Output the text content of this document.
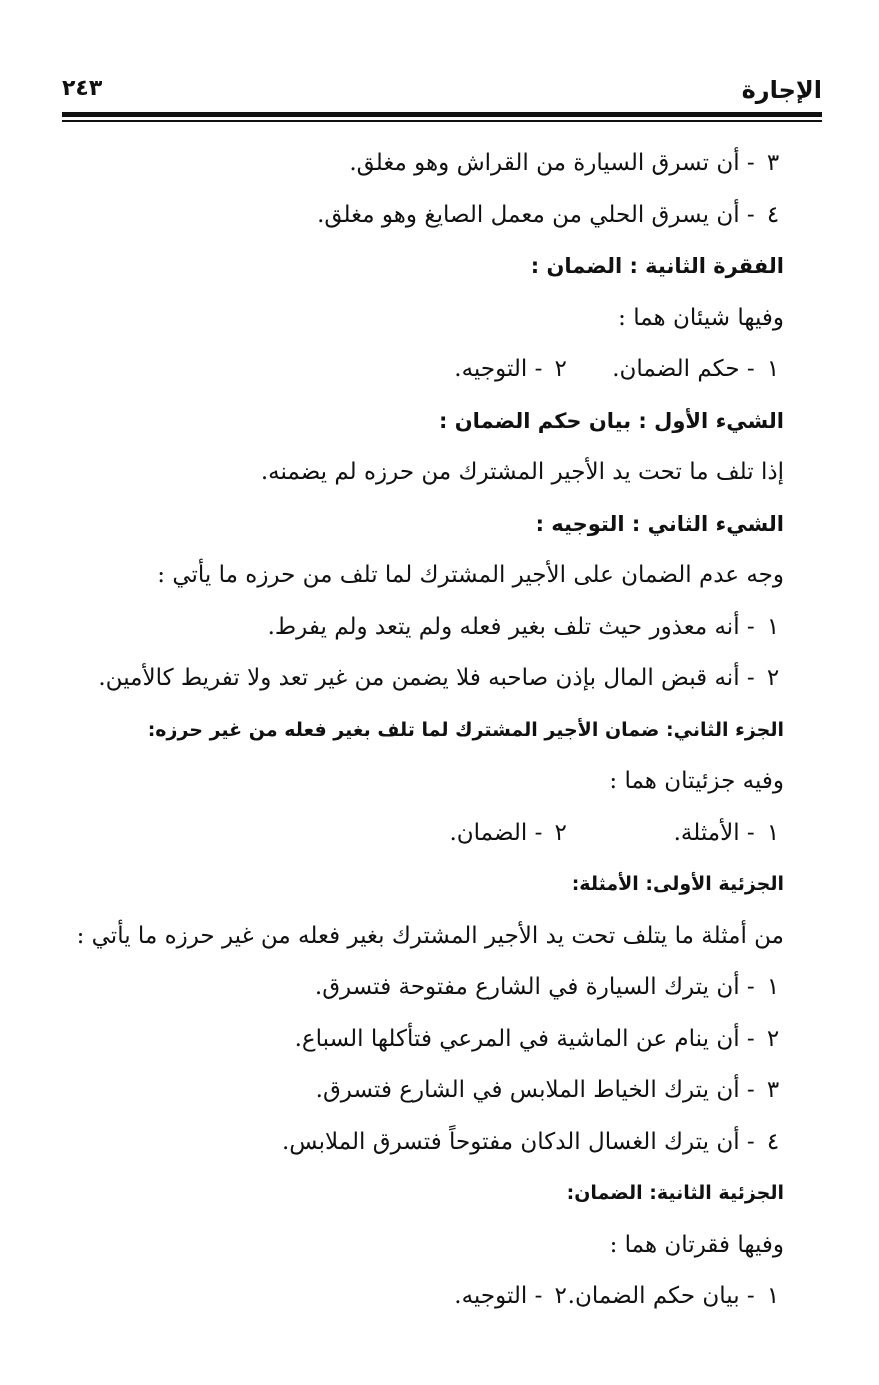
الإجارة
٢٤٣
٣ - أن تسرق السيارة من القراش وهو مغلق.
٤ - أن يسرق الحلي من معمل الصايغ وهو مغلق.
الفقرة الثانية : الضمان :
وفيها شيئان هما :
١ - حكم الضمان. ٢ - التوجيه.
الشيء الأول : بيان حكم الضمان :
إذا تلف ما تحت يد الأجير المشترك من حرزه لم يضمنه.
الشيء الثاني : التوجيه :
وجه عدم الضمان على الأجير المشترك لما تلف من حرزه ما يأتي :
١ - أنه معذور حيث تلف بغير فعله ولم يتعد ولم يفرط.
٢ - أنه قبض المال بإذن صاحبه فلا يضمن من غير تعد ولا تفريط كالأمين.
الجزء الثاني: ضمان الأجير المشترك لما تلف بغير فعله من غير حرزه:
وفيه جزئيتان هما :
١ - الأمثلة. ٢ - الضمان.
الجزئية الأولى: الأمثلة:
من أمثلة ما يتلف تحت يد الأجير المشترك بغير فعله من غير حرزه ما يأتي :
١ - أن يترك السيارة في الشارع مفتوحة فتسرق.
٢ - أن ينام عن الماشية في المرعي فتأكلها السباع.
٣ - أن يترك الخياط الملابس في الشارع فتسرق.
٤ - أن يترك الغسال الدكان مفتوحاً فتسرق الملابس.
الجزئية الثانية: الضمان:
وفيها فقرتان هما :
١ - بيان حكم الضمان. ٢ - التوجيه.
